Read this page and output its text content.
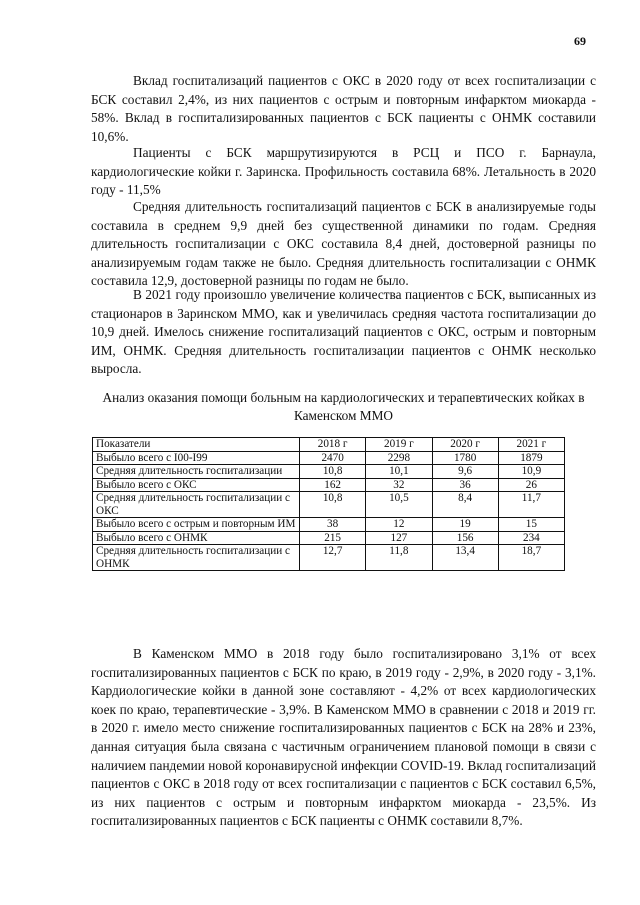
69

Вклад госпитализаций пациентов с ОКС в 2020 году от всех госпитализации с БСК составил 2,4%, из них пациентов с острым и повторным инфарктом миокарда - 58%. Вклад в госпитализированных пациентов с БСК пациенты с ОНМК составили 10,6%.

Пациенты с БСК маршрутизируются в РСЦ и ПСО г. Барнаула, кардиологические койки г. Заринска. Профильность составила 68%. Летальность в 2020 году - 11,5%

Средняя длительность госпитализаций пациентов с БСК в анализируемые годы составила в среднем 9,9 дней без существенной динамики по годам. Средняя длительность госпитализации с ОКС составила 8,4 дней, достоверной разницы по анализируемым годам также не было. Средняя длительность госпитализации с ОНМК составила 12,9, достоверной разницы по годам не было.

В 2021 году произошло увеличение количества пациентов с БСК, выписанных из стационаров в Заринском ММО, как и увеличилась средняя частота госпитализации до 10,9 дней. Имелось снижение госпитализаций пациентов с ОКС, острым и повторным ИМ, ОНМК. Средняя длительность госпитализации пациентов с ОНМК несколько выросла.

Анализ оказания помощи больным на кардиологических и терапевтических койках в Каменском ММО
Показатели	2018 г	2019 г	2020 г	2021 г
Выбыло всего с I00-I99	2470	2298	1780	1879
Средняя длительность госпитализации	10,8	10,1	9,6	10,9
Выбыло всего с ОКС	162	32	36	26
Средняя длительность госпитализации с ОКС	10,8	10,5	8,4	11,7
Выбыло всего с острым и повторным ИМ	38	12	19	15
Выбыло всего с ОНМК	215	127	156	234
Средняя длительность госпитализации с ОНМК	12,7	11,8	13,4	18,7

В Каменском ММО в 2018 году было госпитализировано 3,1% от всех госпитализированных пациентов с БСК по краю, в 2019 году - 2,9%, в 2020 году - 3,1%. Кардиологические койки в данной зоне составляют - 4,2% от всех кардиологических коек по краю, терапевтические - 3,9%. В Каменском ММО в сравнении с 2018 и 2019 гг. в 2020 г. имело место снижение госпитализированных пациентов с БСК на 28% и 23%, данная ситуация была связана с частичным ограничением плановой помощи в связи с наличием пандемии новой коронавирусной инфекции COVID-19. Вклад госпитализаций пациентов с ОКС в 2018 году от всех госпитализации с пациентов с БСК составил 6,5%, из них пациентов с острым и повторным инфарктом миокарда - 23,5%. Из госпитализированных пациентов с БСК пациенты с ОНМК составили 8,7%.
